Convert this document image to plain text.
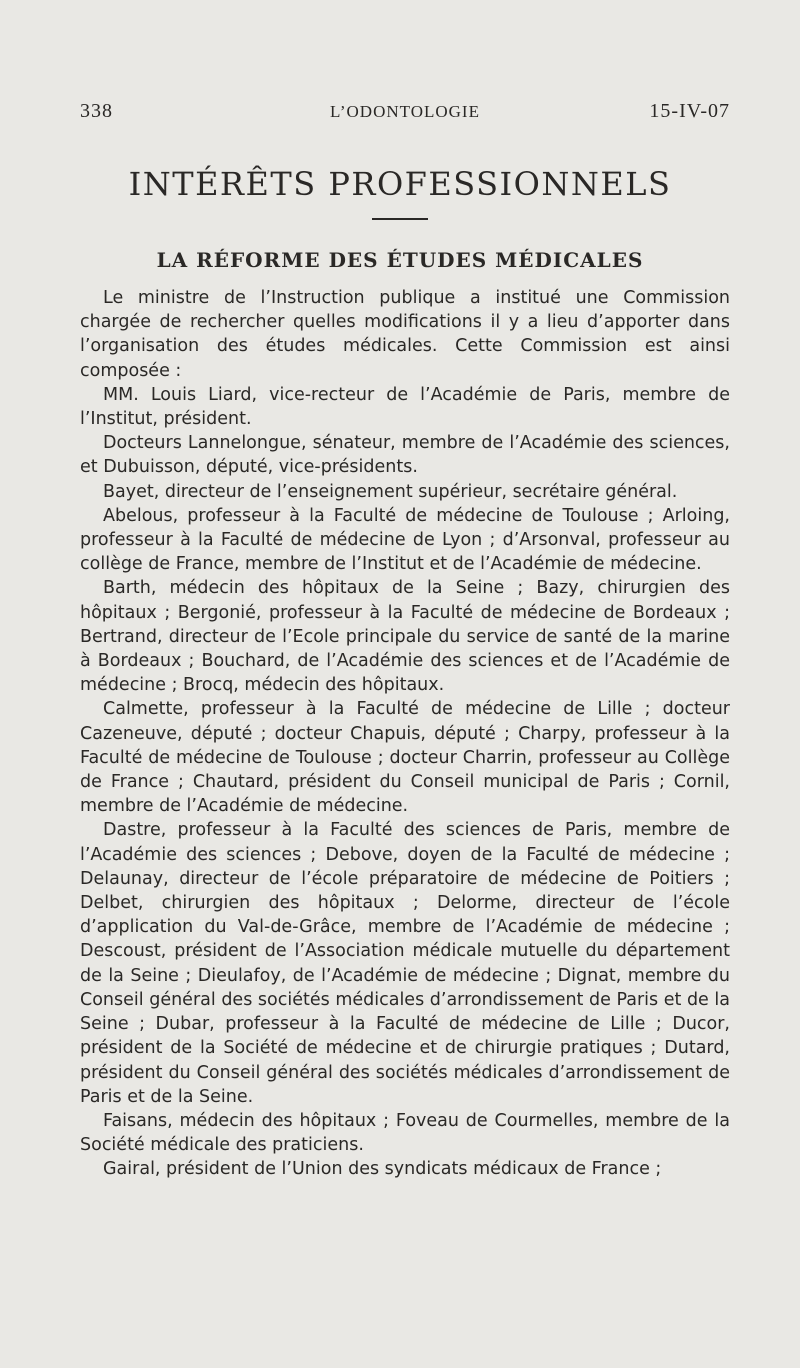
338	L’ODONTOLOGIE	15-IV-07
INTÉRÊTS PROFESSIONNELS
LA RÉFORME DES ÉTUDES MÉDICALES

Le ministre de l’Instruction publique a institué une Commission chargée de rechercher quelles modifications il y a lieu d’apporter dans l’organisation des études médicales. Cette Commission est ainsi composée :

MM. Louis Liard, vice-recteur de l’Académie de Paris, membre de l’Institut, président.

Docteurs Lannelongue, sénateur, membre de l’Académie des sciences, et Dubuisson, député, vice-présidents.

Bayet, directeur de l’enseignement supérieur, secrétaire général.

Abelous, professeur à la Faculté de médecine de Toulouse ; Arloing, professeur à la Faculté de médecine de Lyon ; d’Arsonval, professeur au collège de France, membre de l’Institut et de l’Académie de médecine.

Barth, médecin des hôpitaux de la Seine ; Bazy, chirurgien des hôpitaux ; Bergonié, professeur à la Faculté de médecine de Bordeaux ; Bertrand, directeur de l’Ecole principale du service de santé de la marine à Bordeaux ; Bouchard, de l’Académie des sciences et de l’Académie de médecine ; Brocq, médecin des hôpitaux.

Calmette, professeur à la Faculté de médecine de Lille ; docteur Cazeneuve, député ; docteur Chapuis, député ; Charpy, professeur à la Faculté de médecine de Toulouse ; docteur Charrin, professeur au Collège de France ; Chautard, président du Conseil municipal de Paris ; Cornil, membre de l’Académie de médecine.

Dastre, professeur à la Faculté des sciences de Paris, membre de l’Académie des sciences ; Debove, doyen de la Faculté de médecine ; Delaunay, directeur de l’école préparatoire de médecine de Poitiers ; Delbet, chirurgien des hôpitaux ; Delorme, directeur de l’école d’application du Val-de-Grâce, membre de l’Académie de médecine ; Descoust, président de l’Association médicale mutuelle du département de la Seine ; Dieulafoy, de l’Académie de médecine ; Dignat, membre du Conseil général des sociétés médicales d’arrondissement de Paris et de la Seine ; Dubar, professeur à la Faculté de médecine de Lille ; Ducor, président de la Société de médecine et de chirurgie pratiques ; Dutard, président du Conseil général des sociétés médicales d’arrondissement de Paris et de la Seine.

Faisans, médecin des hôpitaux ; Foveau de Courmelles, membre de la Société médicale des praticiens.

Gairal, président de l’Union des syndicats médicaux de France ;
